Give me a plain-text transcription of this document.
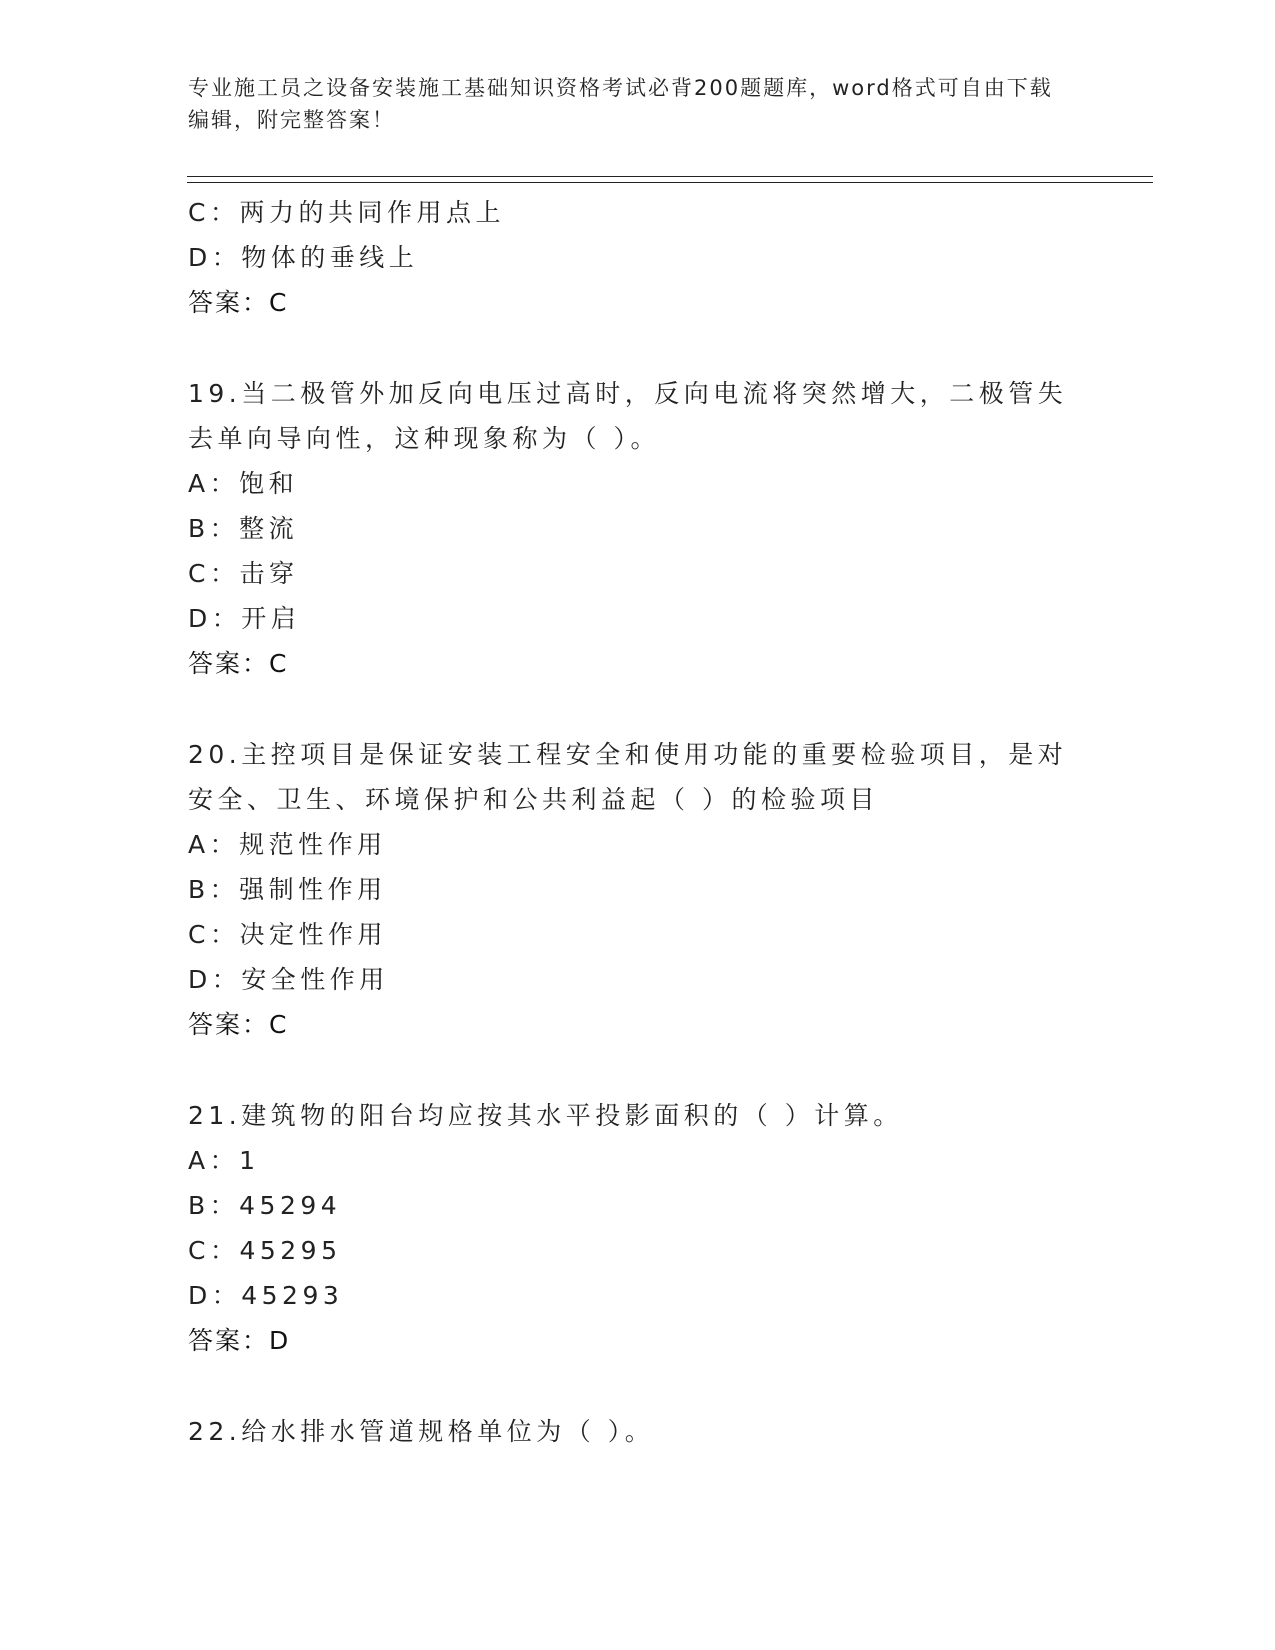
专业施工员之设备安装施工基础知识资格考试必背200题题库，word格式可自由下载编辑，附完整答案！
C：两力的共同作用点上
D：物体的垂线上
答案：C
19.当二极管外加反向电压过高时，反向电流将突然增大，二极管失去单向导向性，这种现象称为（ ）。
A：饱和
B：整流
C：击穿
D：开启
答案：C
20.主控项目是保证安装工程安全和使用功能的重要检验项目，是对安全、卫生、环境保护和公共利益起（ ）的检验项目
A：规范性作用
B：强制性作用
C：决定性作用
D：安全性作用
答案：C
21.建筑物的阳台均应按其水平投影面积的（ ）计算。
A：1
B：45294
C：45295
D：45293
答案：D
22.给水排水管道规格单位为（ ）。
